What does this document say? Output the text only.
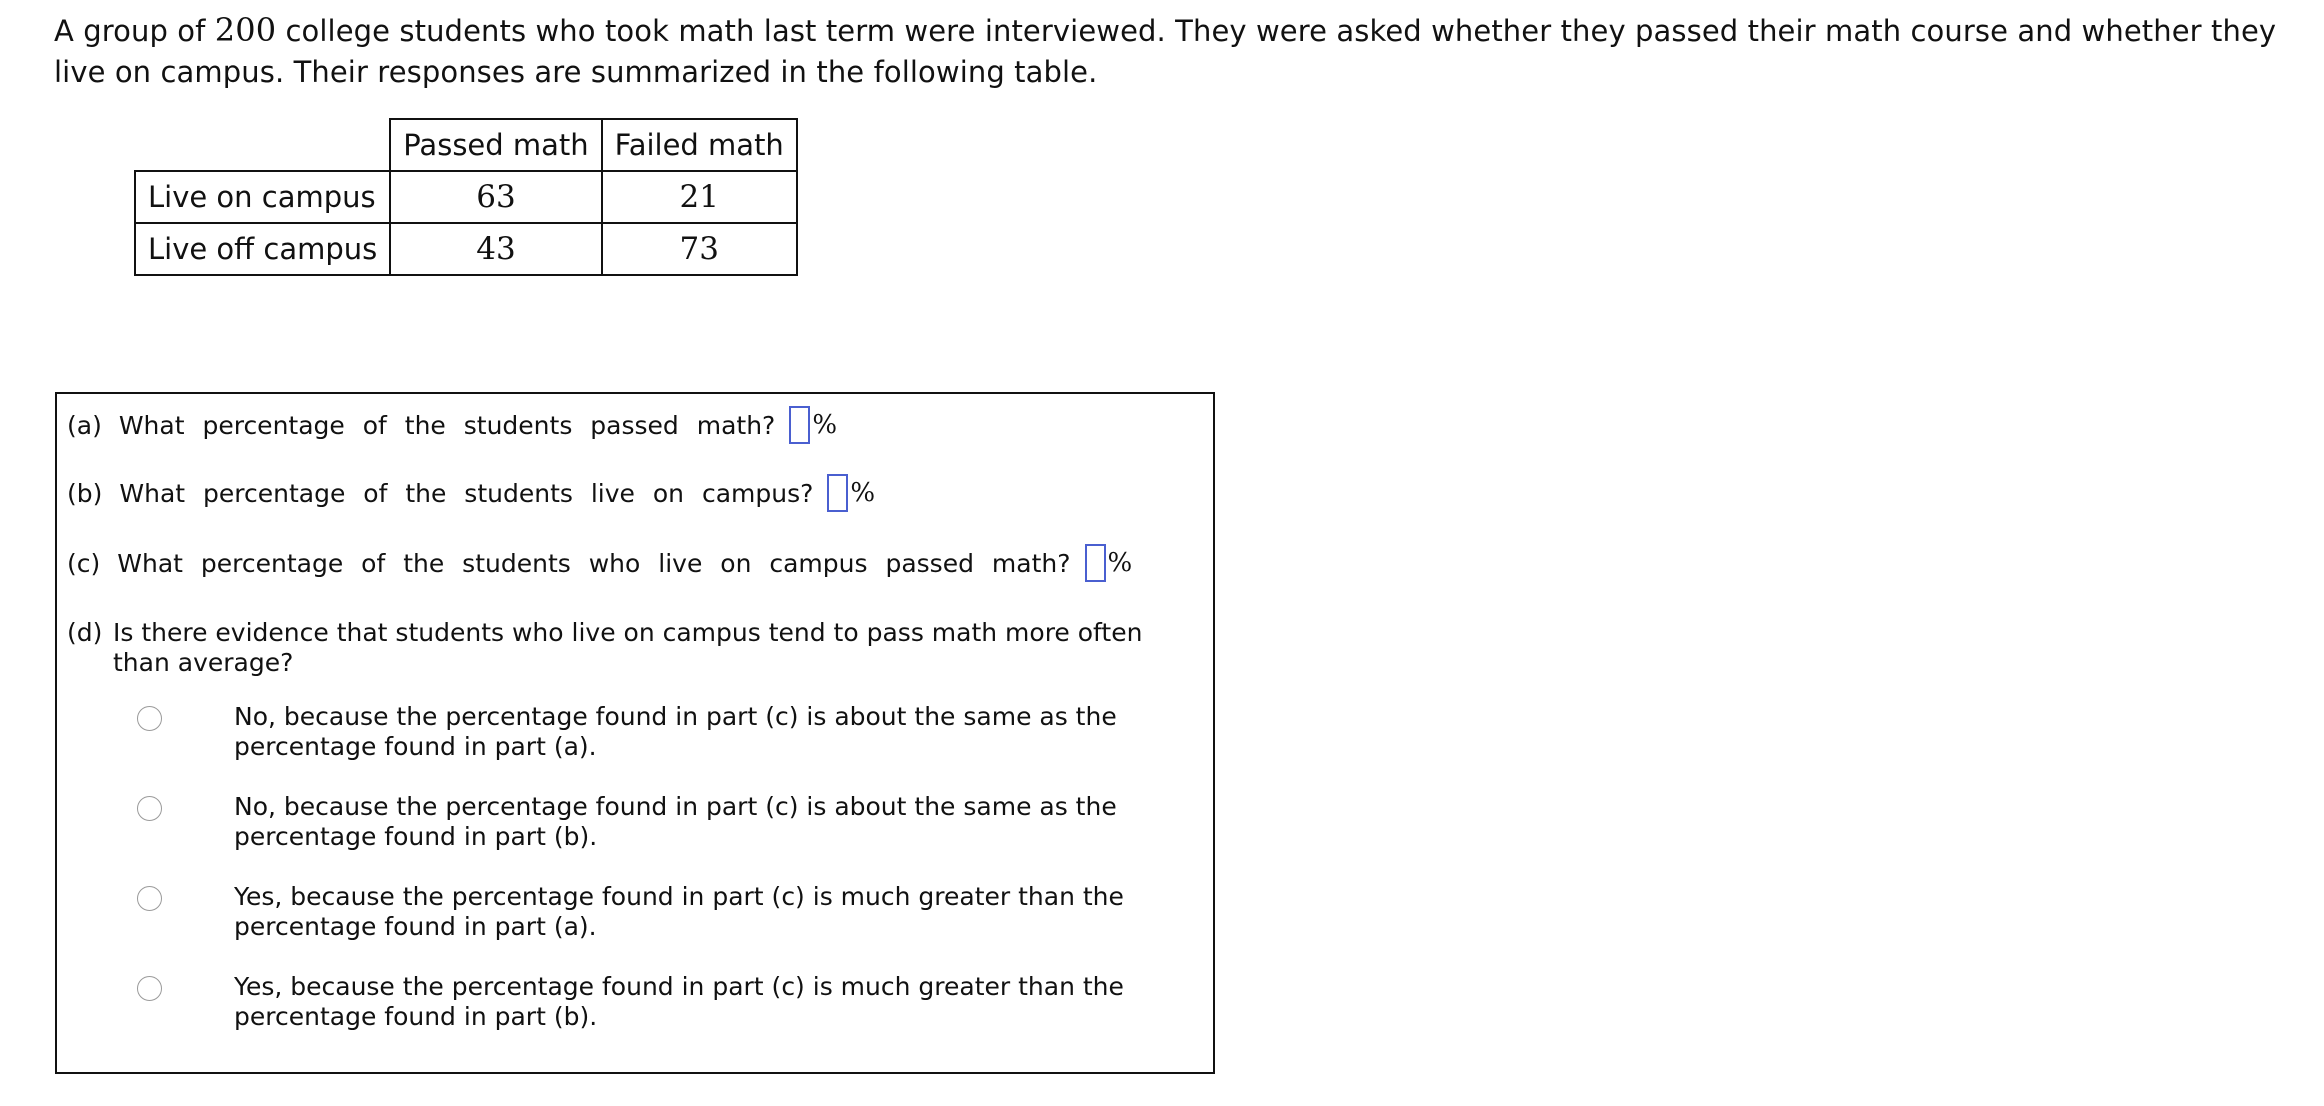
A group of 200 college students who took math last term were interviewed. They were asked whether they passed their math course and whether they live on campus. Their responses are summarized in the following table.
	Passed math	Failed math
Live on campus	63	21
Live off campus	43	73
(a) What percentage of the students passed math? %
(b) What percentage of the students live on campus? %
(c) What percentage of the students who live on campus passed math? %
(d) Is there evidence that students who live on campus tend to pass math more often than average?
No, because the percentage found in part (c) is about the same as the percentage found in part (a).
No, because the percentage found in part (c) is about the same as the percentage found in part (b).
Yes, because the percentage found in part (c) is much greater than the percentage found in part (a).
Yes, because the percentage found in part (c) is much greater than the percentage found in part (b).
